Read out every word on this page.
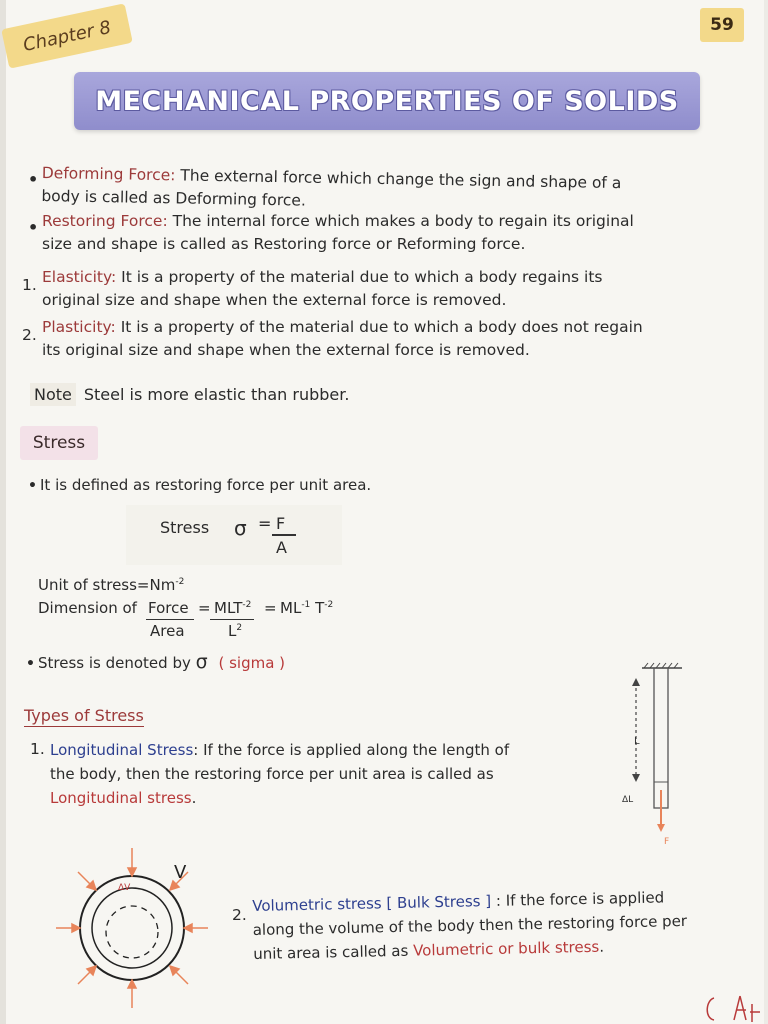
Chapter 8	59
MECHANICAL PROPERTIES OF SOLIDS
• Deforming Force: The external force which change the sign and shape of a
body is called as Deforming force.
• Restoring Force: The internal force which makes a body to regain its original
size and shape is called as Restoring force or Reforming force.
1. Elasticity: It is a property of the material due to which a body regains its
original size and shape when the external force is removed.
2. Plasticity: It is a property of the material due to which a body does not regain
its original size and shape when the external force is removed.
Note Steel is more elastic than rubber.
Stress
• It is defined as restoring force per unit area.
Stress σ = F
A
Unit of $stress=Nm^{-2}$
Dimension of Force
Area
= $MLT^{-2}$
$L^2$
= $ML^{-1}$ $T^{-2}$
• Stress is denoted by σ ( sigma )
Types of Stress
1. Longitudinal Stress: If the force is applied along the length of
the body, then the restoring force per unit area is called as
Longitudinal stress.
L
ΔL
F
ΔV
V
2.
Volumetric stress [ Bulk Stress ] : If the force is applied
along the volume of the body then the restoring force per
unit area is called as Volumetric or bulk stress.
